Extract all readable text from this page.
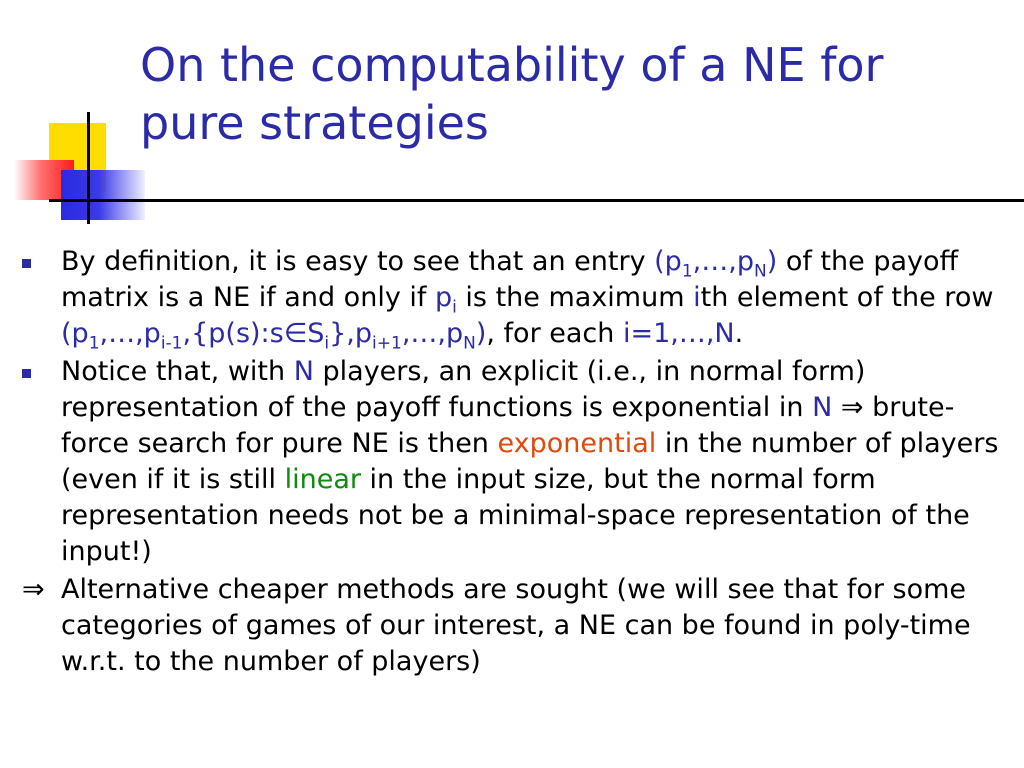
On the computability of a NE for pure strategies
By definition, it is easy to see that an entry $(p_1,\dots,p_N)$ of the payoff matrix is a NE if and only if $p_i$ is the maximum ith element of the row $(p_1,\dots,p_{i-1},\{p(s):s\in S_i\},p_{i+1},\dots,p_N)$, for each i=1,…,N.
Notice that, with N players, an explicit (i.e., in normal form) representation of the payoff functions is exponential in N ⇒ brute-force search for pure NE is then exponential in the number of players (even if it is still linear in the input size, but the normal form representation needs not be a minimal-space representation of the input!)
⇒ Alternative cheaper methods are sought (we will see that for some categories of games of our interest, a NE can be found in poly-time w.r.t. to the number of players)
